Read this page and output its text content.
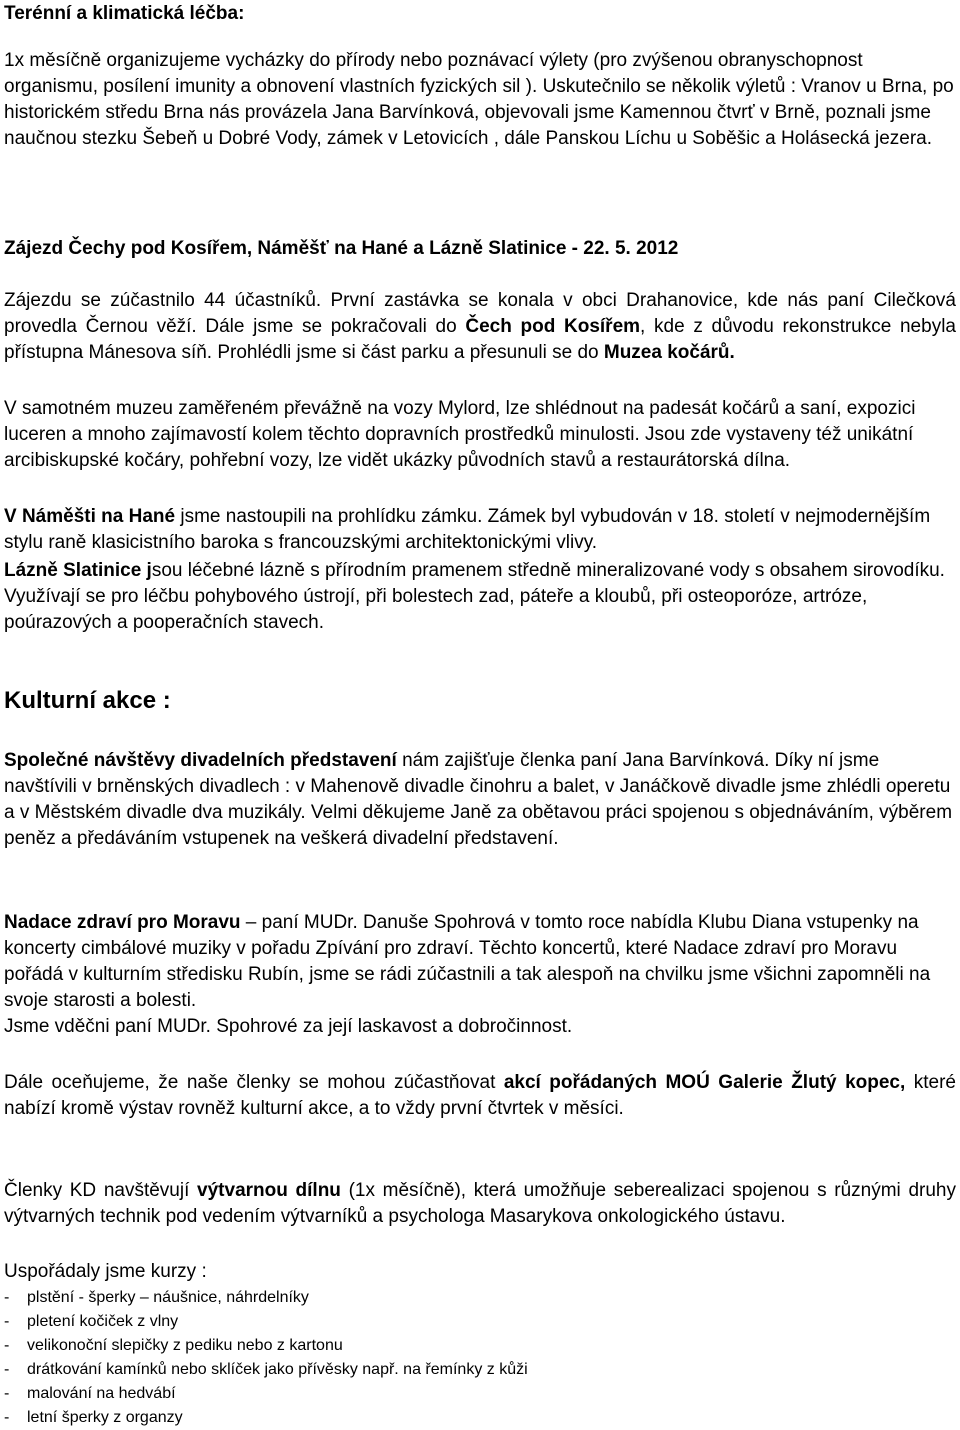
Terénní a klimatická léčba:

1x měsíčně organizujeme vycházky do přírody nebo poznávací výlety (pro zvýšenou obranyschopnost organismu, posílení imunity a obnovení vlastních fyzických sil ). Uskutečnilo se několik výletů : Vranov u Brna, po historickém středu Brna nás provázela Jana Barvínková, objevovali jsme Kamennou čtvrť v Brně, poznali jsme naučnou stezku Šebeň u Dobré Vody, zámek v Letovicích , dále Panskou Líchu u Soběšic a Holásecká jezera.

Zájezd Čechy pod Kosířem, Náměšť na Hané a Lázně Slatinice - 22. 5. 2012

Zájezdu se zúčastnilo 44 účastníků. První zastávka se konala v obci Drahanovice, kde nás paní Cilečková provedla Černou věží. Dále jsme se pokračovali do Čech pod Kosířem, kde z důvodu rekonstrukce nebyla přístupna Mánesova síň. Prohlédli jsme si část parku a přesunuli se do Muzea kočárů.

V samotném muzeu zaměřeném převážně na vozy Mylord, lze shlédnout na padesát kočárů a saní, expozici luceren a mnoho zajímavostí kolem těchto dopravních prostředků minulosti. Jsou zde vystaveny též unikátní arcibiskupské kočáry, pohřební vozy, lze vidět ukázky původních stavů a restaurátorská dílna.

V Náměšti na Hané jsme nastoupili na prohlídku zámku. Zámek byl vybudován v 18. století v nejmodernějším stylu raně klasicistního baroka s francouzskými architektonickými vlivy.

Lázně Slatinice jsou léčebné lázně s přírodním pramenem středně mineralizované vody s obsahem sirovodíku. Využívají se pro léčbu pohybového ústrojí, při bolestech zad, páteře a kloubů, při osteoporóze, artróze, poúrazových a pooperačních stavech.

Kulturní akce :

Společné návštěvy divadelních představení nám zajišťuje členka paní Jana Barvínková. Díky ní jsme navštívili v brněnských divadlech : v Mahenově divadle činohru a balet, v Janáčkově divadle jsme zhlédli operetu a v Městském divadle dva muzikály. Velmi děkujeme Janě za obětavou práci spojenou s objednáváním, výběrem peněz a předáváním vstupenek na veškerá divadelní představení.

Nadace zdraví pro Moravu – paní MUDr. Danuše Spohrová v tomto roce nabídla Klubu Diana vstupenky na koncerty cimbálové muziky v pořadu Zpívání pro zdraví. Těchto koncertů, které Nadace zdraví pro Moravu pořádá v kulturním středisku Rubín, jsme se rádi zúčastnili a tak alespoň na chvilku jsme všichni zapomněli na svoje starosti a bolesti.
Jsme vděčni paní MUDr. Spohrové za její laskavost a dobročinnost.

Dále oceňujeme, že naše členky se mohou zúčastňovat akcí pořádaných MOÚ Galerie Žlutý kopec, které nabízí kromě výstav rovněž kulturní akce, a to vždy první čtvrtek v měsíci.

Členky KD navštěvují výtvarnou dílnu (1x měsíčně), která umožňuje seberealizaci spojenou s různými druhy výtvarných technik pod vedením výtvarníků a psychologa Masarykova onkologického ústavu.

Uspořádaly jsme kurzy :

-	plstění - šperky – náušnice, náhrdelníky
-	pletení kočiček z vlny
-	velikonoční slepičky z pediku nebo z kartonu
-	drátkování kamínků nebo sklíček jako přívěsky např. na řemínky z kůži
-	malování na hedvábí
-	letní šperky z organzy
